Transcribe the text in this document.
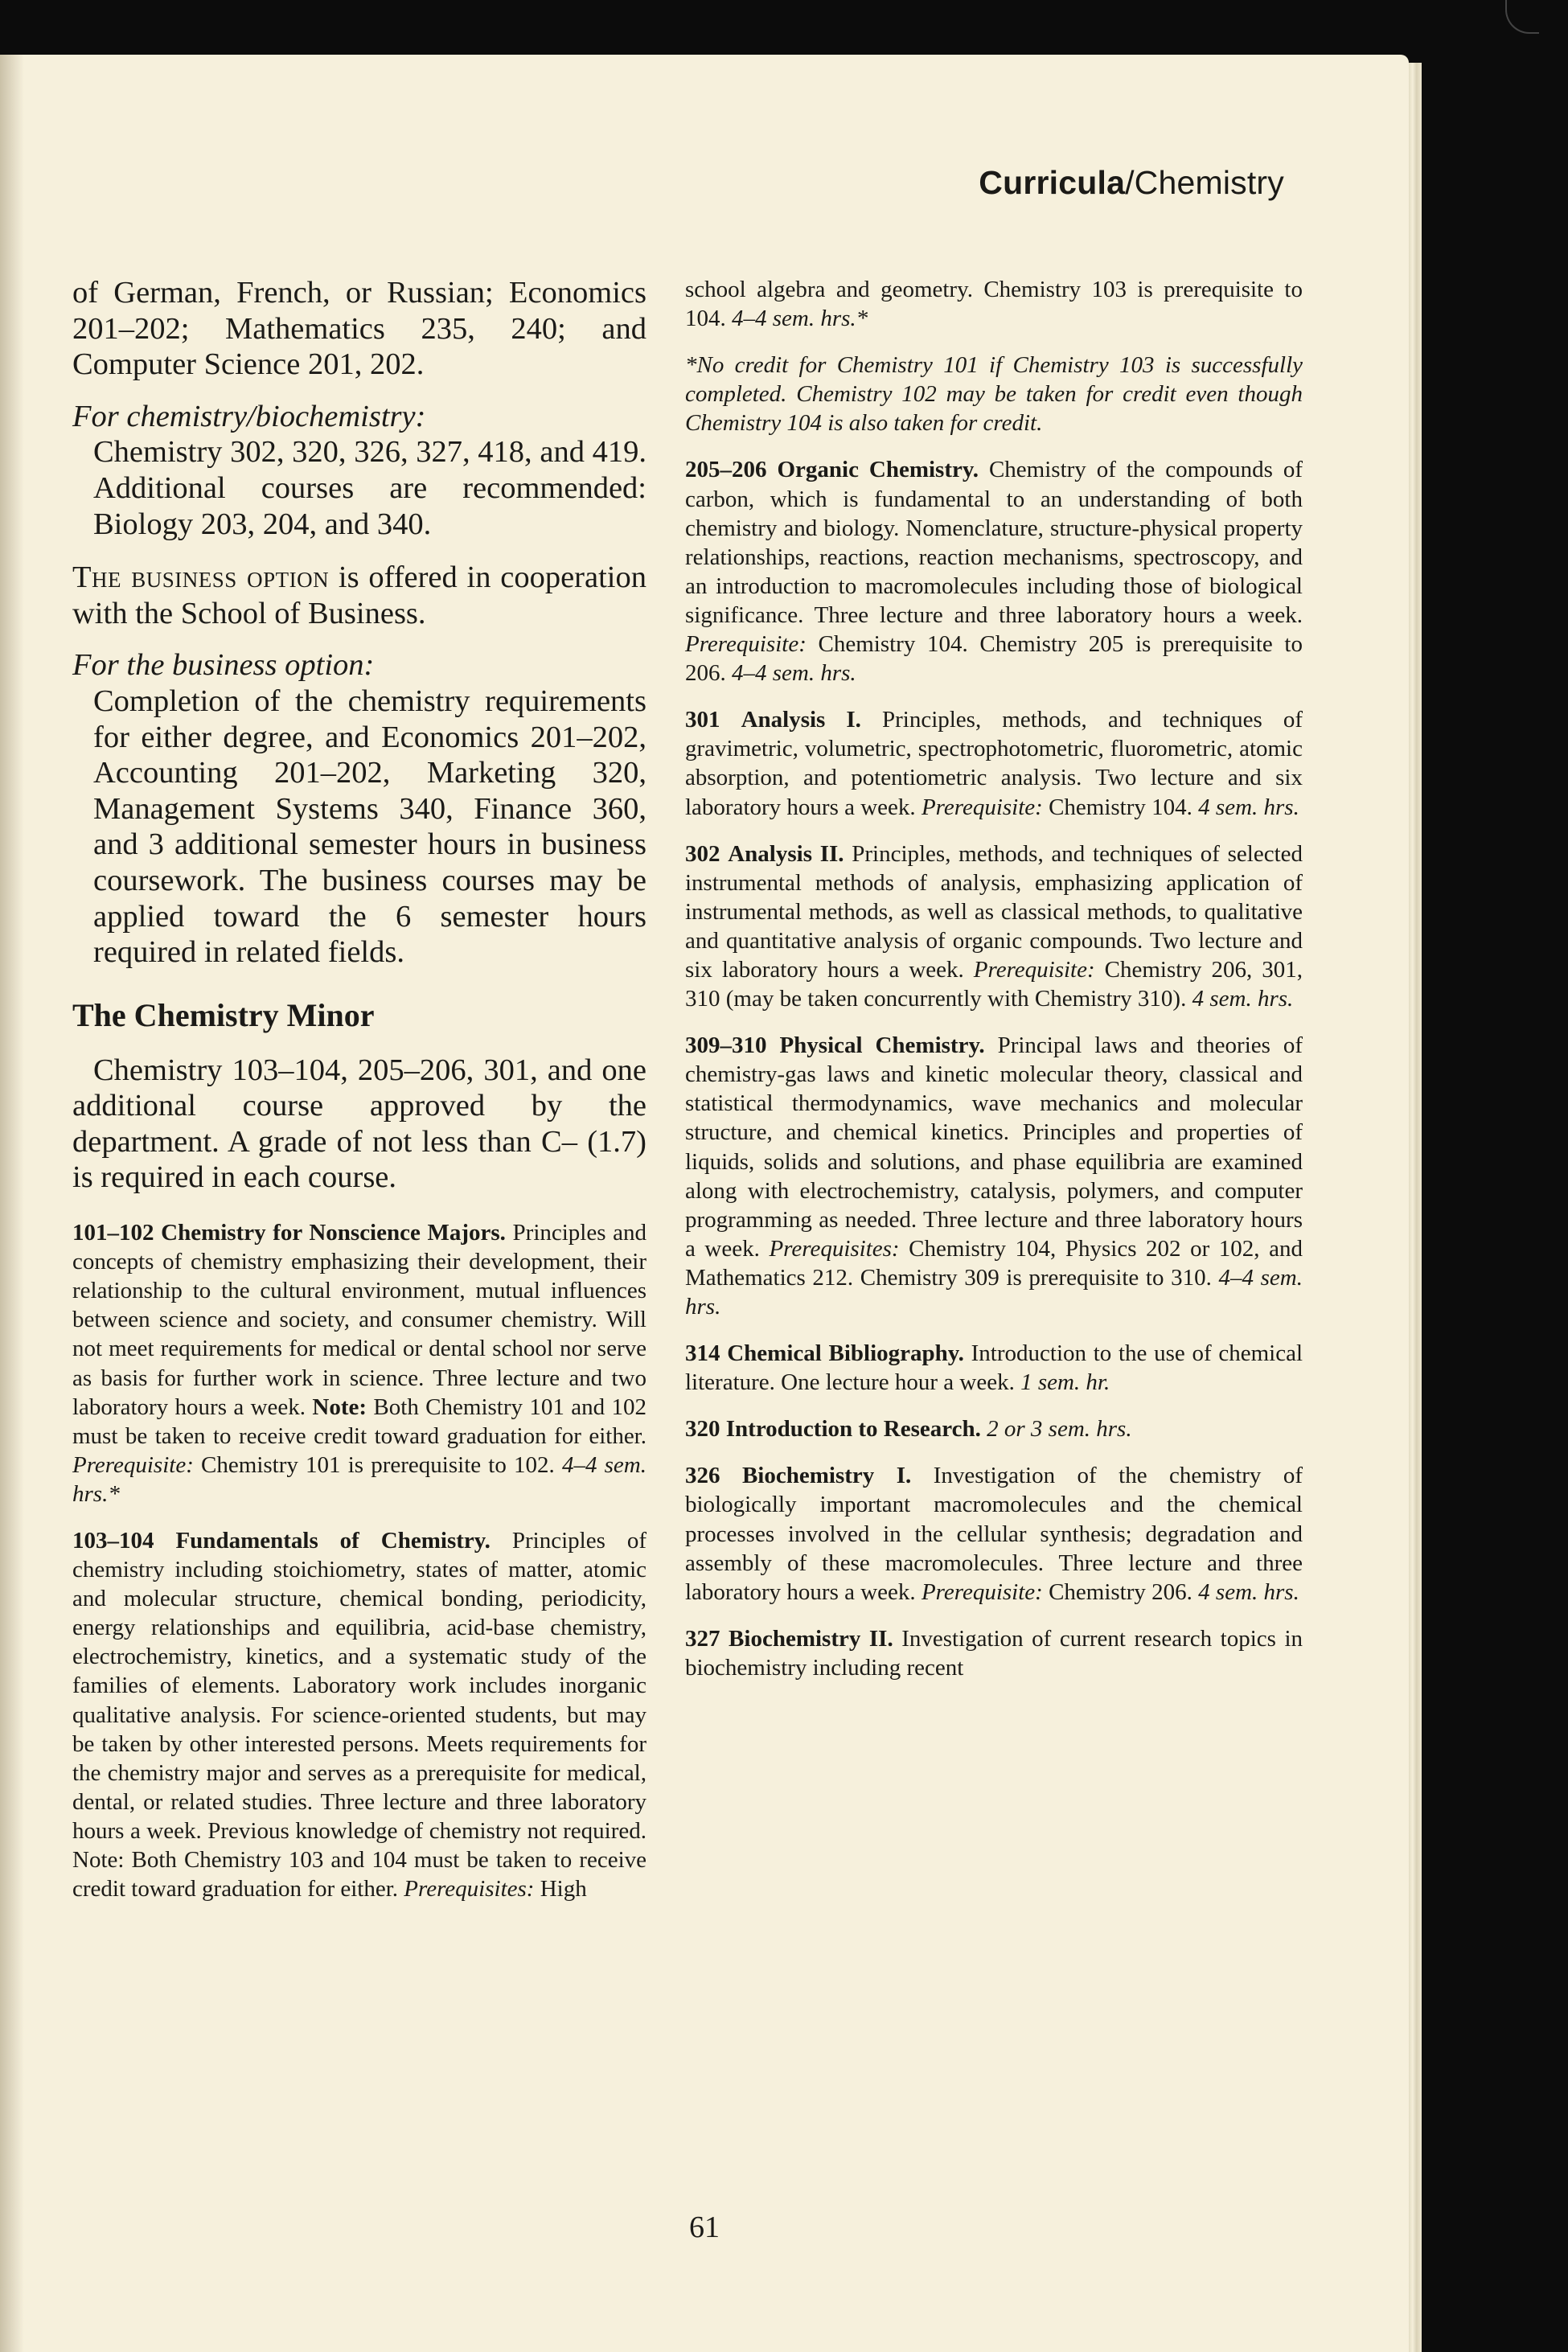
Curricula/Chemistry

of German, French, or Russian; Economics 201–202; Mathematics 235, 240; and Computer Science 201, 202.

For chemistry/biochemistry:
Chemistry 302, 320, 326, 327, 418, and 419. Additional courses are recommended: Biology 203, 204, and 340.

The business option is offered in cooperation with the School of Business.

For the business option:
Completion of the chemistry requirements for either degree, and Economics 201–202, Accounting 201–202, Marketing 320, Management Systems 340, Finance 360, and 3 additional semester hours in business coursework. The business courses may be applied toward the 6 semester hours required in related fields.
The Chemistry Minor

Chemistry 103–104, 205–206, 301, and one additional course approved by the department. A grade of not less than C– (1.7) is required in each course.

101–102 Chemistry for Nonscience Majors. Principles and concepts of chemistry emphasizing their development, their relationship to the cultural environment, mutual influences between science and society, and consumer chemistry. Will not meet requirements for medical or dental school nor serve as basis for further work in science. Three lecture and two laboratory hours a week. Note: Both Chemistry 101 and 102 must be taken to receive credit toward graduation for either. Prerequisite: Chemistry 101 is prerequisite to 102. 4–4 sem. hrs.*

103–104 Fundamentals of Chemistry. Principles of chemistry including stoichiometry, states of matter, atomic and molecular structure, chemical bonding, periodicity, energy relationships and equilibria, acid-base chemistry, electrochemistry, kinetics, and a systematic study of the families of elements. Laboratory work includes inorganic qualitative analysis. For science-oriented students, but may be taken by other interested persons. Meets requirements for the chemistry major and serves as a prerequisite for medical, dental, or related studies. Three lecture and three laboratory hours a week. Previous knowledge of chemistry not required. Note: Both Chemistry 103 and 104 must be taken to receive credit toward graduation for either. Prerequisites: High

school algebra and geometry. Chemistry 103 is prerequisite to 104. 4–4 sem. hrs.*

*No credit for Chemistry 101 if Chemistry 103 is successfully completed. Chemistry 102 may be taken for credit even though Chemistry 104 is also taken for credit.

205–206 Organic Chemistry. Chemistry of the compounds of carbon, which is fundamental to an understanding of both chemistry and biology. Nomenclature, structure-physical property relationships, reactions, reaction mechanisms, spectroscopy, and an introduction to macromolecules including those of biological significance. Three lecture and three laboratory hours a week. Prerequisite: Chemistry 104. Chemistry 205 is prerequisite to 206. 4–4 sem. hrs.

301 Analysis I. Principles, methods, and techniques of gravimetric, volumetric, spectrophotometric, fluorometric, atomic absorption, and potentiometric analysis. Two lecture and six laboratory hours a week. Prerequisite: Chemistry 104. 4 sem. hrs.

302 Analysis II. Principles, methods, and techniques of selected instrumental methods of analysis, emphasizing application of instrumental methods, as well as classical methods, to qualitative and quantitative analysis of organic compounds. Two lecture and six laboratory hours a week. Prerequisite: Chemistry 206, 301, 310 (may be taken concurrently with Chemistry 310). 4 sem. hrs.

309–310 Physical Chemistry. Principal laws and theories of chemistry-gas laws and kinetic molecular theory, classical and statistical thermodynamics, wave mechanics and molecular structure, and chemical kinetics. Principles and properties of liquids, solids and solutions, and phase equilibria are examined along with electrochemistry, catalysis, polymers, and computer programming as needed. Three lecture and three laboratory hours a week. Prerequisites: Chemistry 104, Physics 202 or 102, and Mathematics 212. Chemistry 309 is prerequisite to 310. 4–4 sem. hrs.

314 Chemical Bibliography. Introduction to the use of chemical literature. One lecture hour a week. 1 sem. hr.

320 Introduction to Research. 2 or 3 sem. hrs.

326 Biochemistry I. Investigation of the chemistry of biologically important macromolecules and the chemical processes involved in the cellular synthesis; degradation and assembly of these macromolecules. Three lecture and three laboratory hours a week. Prerequisite: Chemistry 206. 4 sem. hrs.

327 Biochemistry II. Investigation of current research topics in biochemistry including recent

61
